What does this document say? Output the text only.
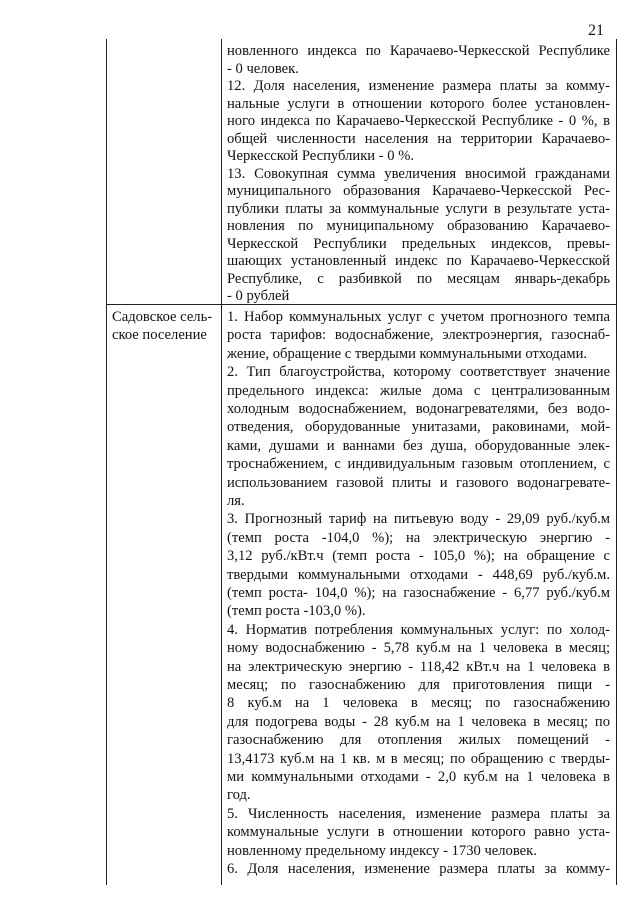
21
новленного индекса по Карачаево-Черкесской Республике
- 0 человек.
12. Доля населения, изменение размера платы за комму-
нальные услуги в отношении которого более установлен-
ного индекса по Карачаево-Черкесской Республике - 0 %, в
общей численности населения на территории Карачаево-
Черкесской Республики - 0 %.
13. Совокупная сумма увеличения вносимой гражданами
муниципального образования Карачаево-Черкесской Рес-
публики платы за коммунальные услуги в результате уста-
новления по муниципальному образованию Карачаево-
Черкесской Республики предельных индексов, превы-
шающих установленный индекс по Карачаево-Черкесской
Республике, с разбивкой по месяцам январь-декабрь
- 0 рублей
Садовское сель-
ское поселение
1. Набор коммунальных услуг с учетом прогнозного темпа
роста тарифов: водоснабжение, электроэнергия, газоснаб-
жение, обращение с твердыми коммунальными отходами.
2. Тип благоустройства, которому соответствует значение
предельного индекса: жилые дома с централизованным
холодным водоснабжением, водонагревателями, без водо-
отведения, оборудованные унитазами, раковинами, мой-
ками, душами и ваннами без душа, оборудованные элек-
троснабжением, с индивидуальным газовым отоплением, с
использованием газовой плиты и газового водонагревате-
ля.
3. Прогнозный тариф на питьевую воду - 29,09 руб./куб.м
(темп роста -104,0 %); на электрическую энергию -
3,12 руб./кВт.ч (темп роста - 105,0 %); на обращение с
твердыми коммунальными отходами - 448,69 руб./куб.м.
(темп роста- 104,0 %); на газоснабжение - 6,77 руб./куб.м
(темп роста -103,0 %).
4. Норматив потребления коммунальных услуг: по холод-
ному водоснабжению - 5,78 куб.м на 1 человека в месяц;
на электрическую энергию - 118,42 кВт.ч на 1 человека в
месяц; по газоснабжению для приготовления пищи -
8 куб.м на 1 человека в месяц; по газоснабжению
для подогрева воды - 28 куб.м на 1 человека в месяц; по
газоснабжению для отопления жилых помещений -
13,4173 куб.м на 1 кв. м в месяц; по обращению с тверды-
ми коммунальными отходами - 2,0 куб.м на 1 человека в
год.
5. Численность населения, изменение размера платы за
коммунальные услуги в отношении которого равно уста-
новленному предельному индексу - 1730 человек.
6. Доля населения, изменение размера платы за комму-
